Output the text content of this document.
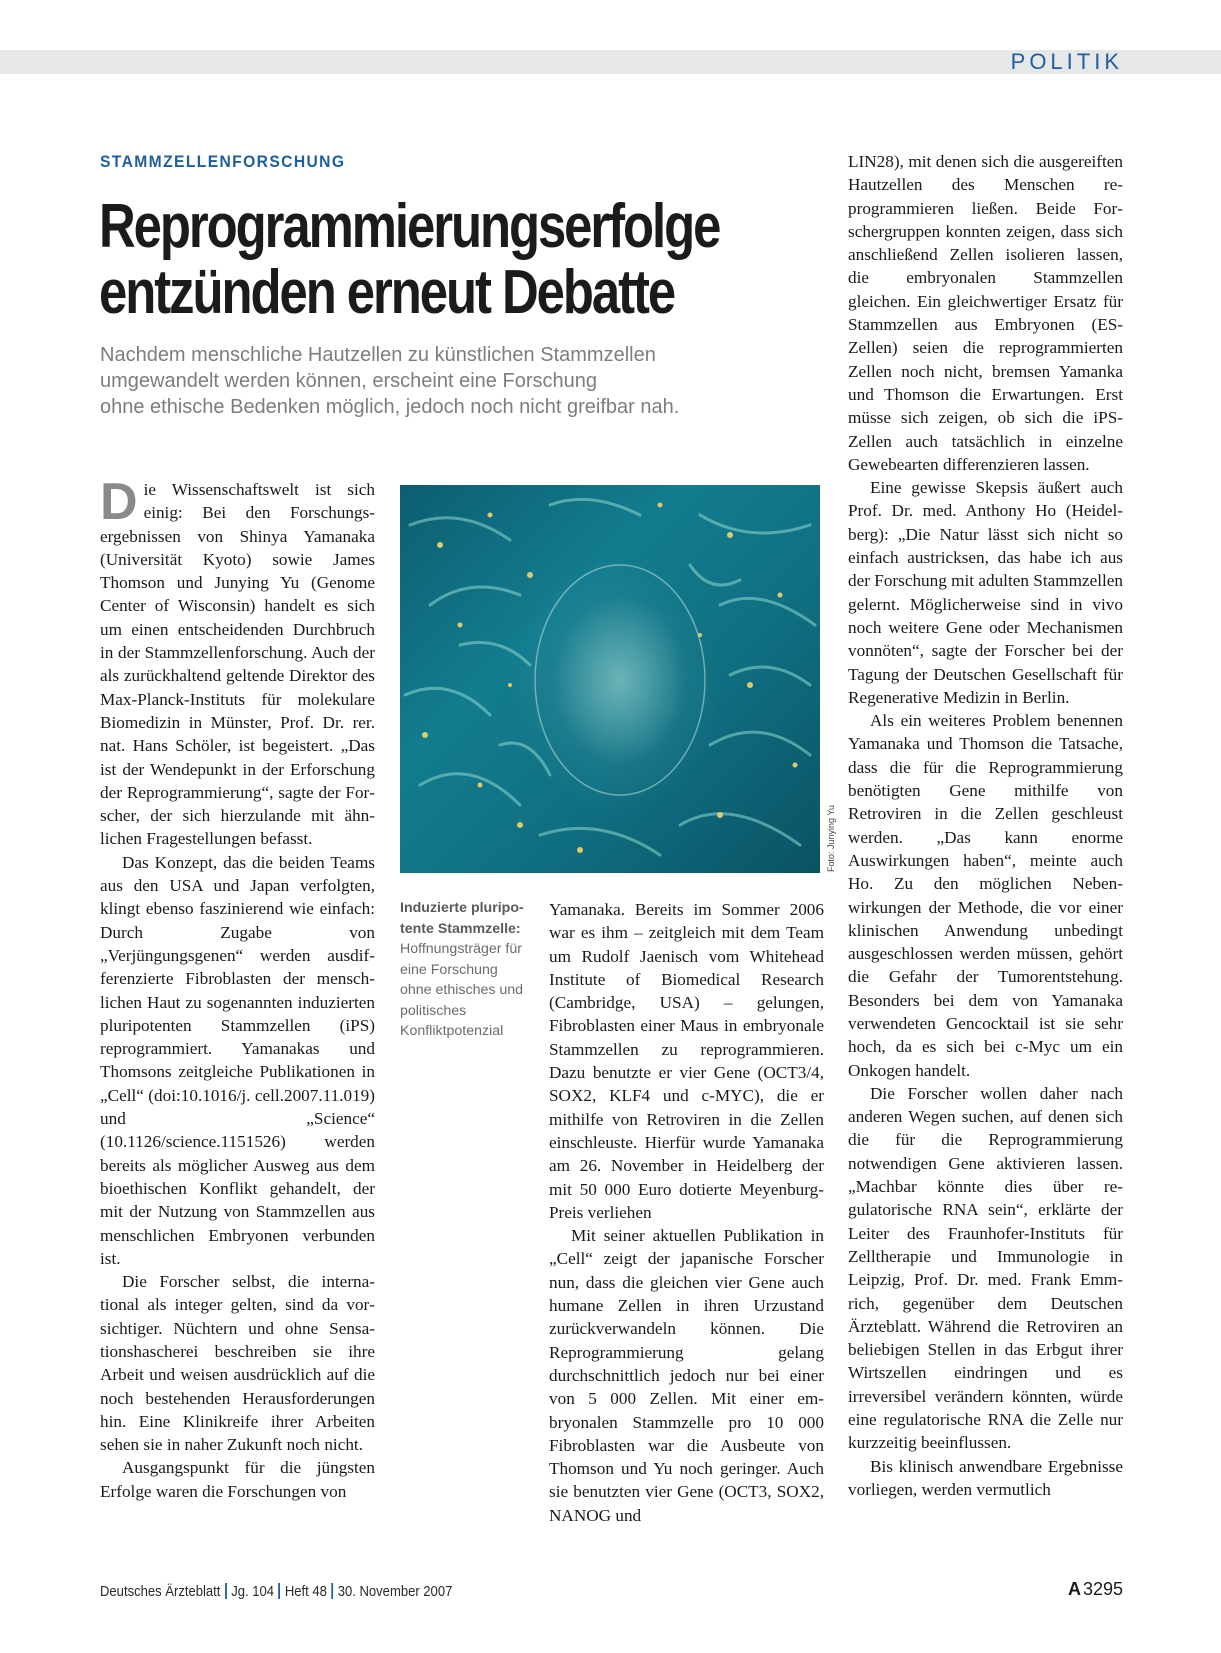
POLITIK
STAMMZELLENFORSCHUNG
Reprogrammierungserfolge
entzünden erneut Debatte
Nachdem menschliche Hautzellen zu künstlichen Stammzellen
umgewandelt werden können, erscheint eine Forschung
ohne ethische Bedenken möglich, jedoch noch nicht greifbar nah.

Die Wissenschaftswelt ist sich einig: Bei den Forschungsergebnissen von Shinya Yamanaka (Universität Kyoto) sowie James Thomson und Junying Yu (Genome Center of Wisconsin) handelt es sich um einen entscheidenden Durchbruch in der Stammzellenforschung. Auch der als zurückhaltend geltende Direktor des Max-Planck-Instituts für molekulare Biomedizin in Münster, Prof. Dr. rer. nat. Hans Schöler, ist begeistert. „Das ist der Wendepunkt in der Erforschung der Reprogrammierung“, sagte der Forscher, der sich hierzulande mit ähnlichen Fragestellungen befasst.

Das Konzept, das die beiden Teams aus den USA und Japan verfolgten, klingt ebenso faszinierend wie einfach: Durch Zugabe von „Verjüngungsgenen“ werden ausdifferenzierte Fibroblasten der menschlichen Haut zu sogenannten induzierten pluripotenten Stammzellen (iPS) reprogrammiert. Yamanakas und Thomsons zeitgleiche Publikationen in „Cell“ (doi:10.1016/j. cell.2007.11.019) und „Science“ (10.1126/science.1151526) werden bereits als möglicher Ausweg aus dem bioethischen Konflikt gehandelt, der mit der Nutzung von Stammzellen aus menschlichen Embryonen verbunden ist.

Die Forscher selbst, die international als integer gelten, sind da vorsichtiger. Nüchtern und ohne Sensationshascherei beschreiben sie ihre Arbeit und weisen ausdrücklich auf die noch bestehenden Herausforderungen hin. Eine Klinikreife ihrer Arbeiten sehen sie in naher Zukunft noch nicht.

Ausgangspunkt für die jüngsten Erfolge waren die Forschungen von

Foto: Junying Yu
Induzierte pluripotente Stammzelle: Hoffnungsträger für eine Forschung ohne ethisches und politisches Konfliktpotenzial

Yamanaka. Bereits im Sommer 2006 war es ihm – zeitgleich mit dem Team um Rudolf Jaenisch vom Whitehead Institute of Biomedical Research (Cambridge, USA) – gelungen, Fibroblasten einer Maus in embryonale Stammzellen zu reprogrammieren. Dazu benutzte er vier Gene (OCT3/4, SOX2, KLF4 und c-MYC), die er mithilfe von Retroviren in die Zellen einschleuste. Hierfür wurde Yamanaka am 26. November in Heidelberg der mit 50 000 Euro dotierte Meyenburg-Preis verliehen

Mit seiner aktuellen Publikation in „Cell“ zeigt der japanische Forscher nun, dass die gleichen vier Gene auch humane Zellen in ihren Urzustand zurückverwandeln können. Die Reprogrammierung gelang durchschnittlich jedoch nur bei einer von 5 000 Zellen. Mit einer embryonalen Stammzelle pro 10 000 Fibroblasten war die Ausbeute von Thomson und Yu noch geringer. Auch sie benutzten vier Gene (OCT3, SOX2, NANOG und

LIN28), mit denen sich die ausgereiften Hautzellen des Menschen reprogrammieren ließen. Beide Forschergruppen konnten zeigen, dass sich anschließend Zellen isolieren lassen, die embryonalen Stammzellen gleichen. Ein gleichwertiger Ersatz für Stammzellen aus Embryonen (ES-Zellen) seien die reprogrammierten Zellen noch nicht, bremsen Yamanka und Thomson die Erwartungen. Erst müsse sich zeigen, ob sich die iPS-Zellen auch tatsächlich in einzelne Gewebearten differenzieren lassen.

Eine gewisse Skepsis äußert auch Prof. Dr. med. Anthony Ho (Heidelberg): „Die Natur lässt sich nicht so einfach austricksen, das habe ich aus der Forschung mit adulten Stammzellen gelernt. Möglicherweise sind in vivo noch weitere Gene oder Mechanismen vonnöten“, sagte der Forscher bei der Tagung der Deutschen Gesellschaft für Regenerative Medizin in Berlin.

Als ein weiteres Problem benennen Yamanaka und Thomson die Tatsache, dass die für die Reprogrammierung benötigten Gene mithilfe von Retroviren in die Zellen geschleust werden. „Das kann enorme Auswirkungen haben“, meinte auch Ho. Zu den möglichen Nebenwirkungen der Methode, die vor einer klinischen Anwendung unbedingt ausgeschlossen werden müssen, gehört die Gefahr der Tumorentstehung. Besonders bei dem von Yamanaka verwendeten Gencocktail ist sie sehr hoch, da es sich bei c-Myc um ein Onkogen handelt.

Die Forscher wollen daher nach anderen Wegen suchen, auf denen sich die für die Reprogrammierung notwendigen Gene aktivieren lassen. „Machbar könnte dies über regulatorische RNA sein“, erklärte der Leiter des Fraunhofer-Instituts für Zelltherapie und Immunologie in Leipzig, Prof. Dr. med. Frank Emmrich, gegenüber dem Deutschen Ärzteblatt. Während die Retroviren an beliebigen Stellen in das Erbgut ihrer Wirtszellen eindringen und es irreversibel verändern könnten, würde eine regulatorische RNA die Zelle nur kurzzeitig beeinflussen.

Bis klinisch anwendbare Ergebnisse vorliegen, werden vermutlich

Deutsches Ärzteblatt Jg. 104 Heft 48 30. November 2007	A 3295
